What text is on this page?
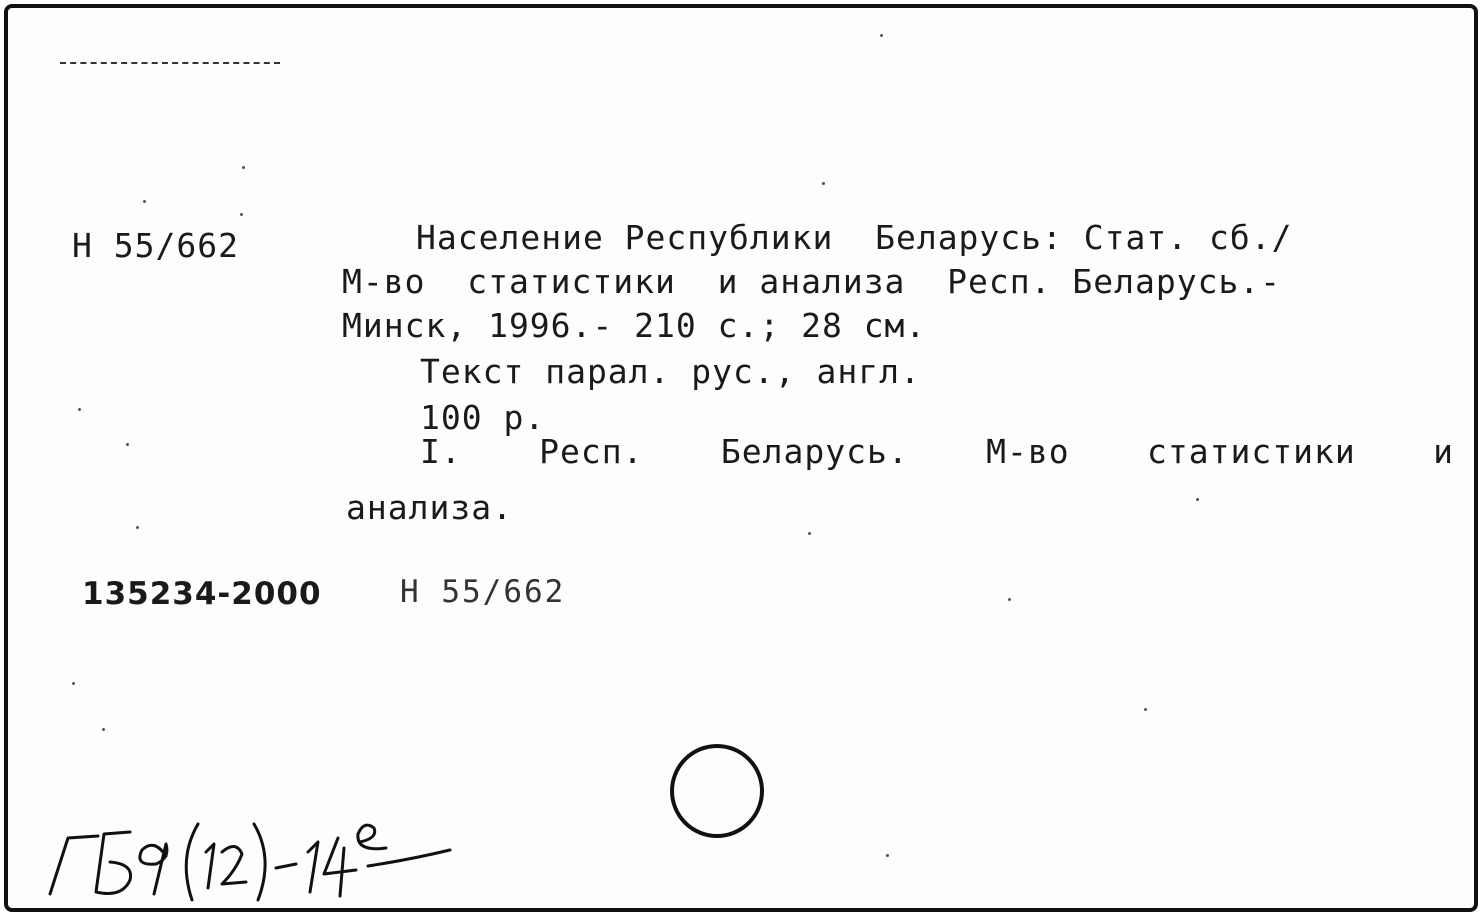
Н 55/662	Население Республики  Беларусь: Стат. сб./
М-во  статистики  и анализа  Респ. Беларусь.-
Минск, 1996.- 210 с.; 28 см.
Текст парал. рус., англ.
100 р.
I. Респ. Беларусь. М-во статистики и
анализа.
135234-2000	Н 55/662
